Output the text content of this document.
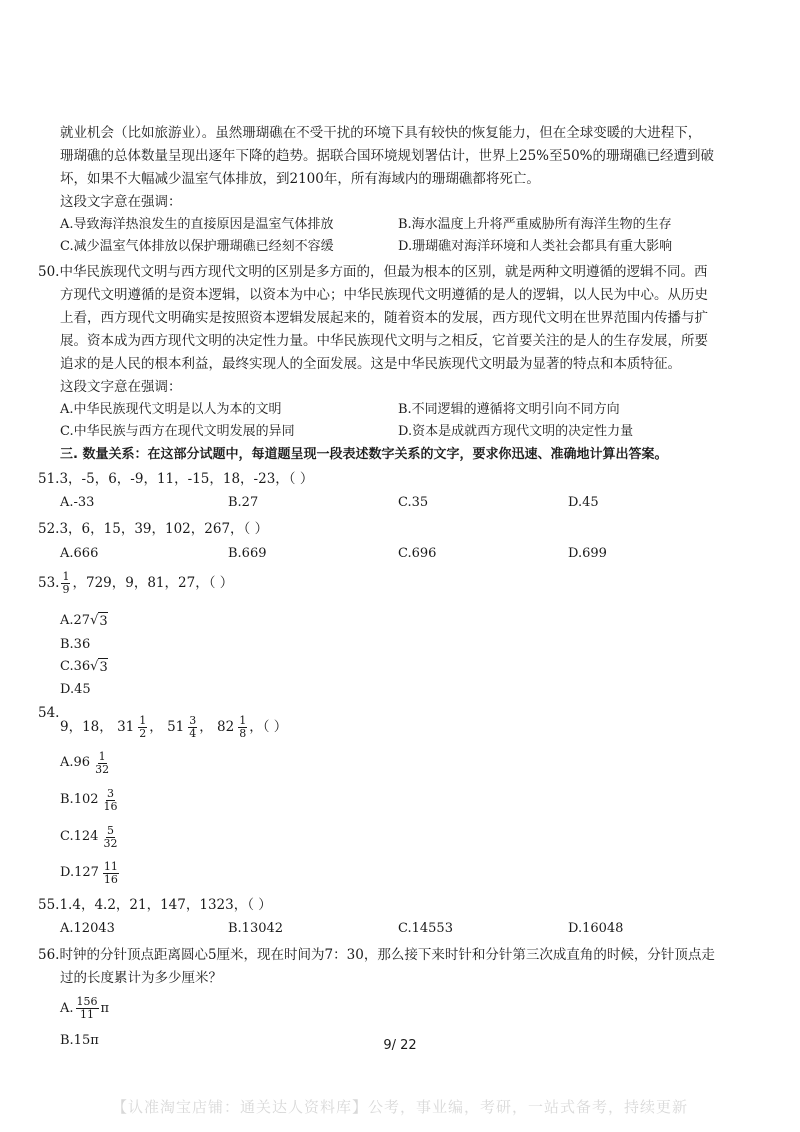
就业机会（比如旅游业）。虽然珊瑚礁在不受干扰的环境下具有较快的恢复能力，但在全球变暖的大进程下，
珊瑚礁的总体数量呈现出逐年下降的趋势。据联合国环境规划署估计，世界上25%至50%的珊瑚礁已经遭到破
坏，如果不大幅减少温室气体排放，到2100年，所有海域内的珊瑚礁都将死亡。
这段文字意在强调：
A.导致海洋热浪发生的直接原因是温室气体排放	B.海水温度上升将严重威胁所有海洋生物的生存
C.减少温室气体排放以保护珊瑚礁已经刻不容缓	D.珊瑚礁对海洋环境和人类社会都具有重大影响
50.中华民族现代文明与西方现代文明的区别是多方面的，但最为根本的区别，就是两种文明遵循的逻辑不同。西
方现代文明遵循的是资本逻辑，以资本为中心；中华民族现代文明遵循的是人的逻辑，以人民为中心。从历史
上看，西方现代文明确实是按照资本逻辑发展起来的，随着资本的发展，西方现代文明在世界范围内传播与扩
展。资本成为西方现代文明的决定性力量。中华民族现代文明与之相反，它首要关注的是人的生存发展，所要
追求的是人民的根本利益，最终实现人的全面发展。这是中华民族现代文明最为显著的特点和本质特征。
这段文字意在强调：
A.中华民族现代文明是以人为本的文明	B.不同逻辑的遵循将文明引向不同方向
C.中华民族与西方在现代文明发展的异同	D.资本是成就西方现代文明的决定性力量
三. 数量关系：在这部分试题中，每道题呈现一段表述数字关系的文字，要求你迅速、准确地计算出答案。
51.3，-5，6，-9，11，-15，18，-23，（ ）
A.-33	B.27	C.35	D.45
52.3，6，15，39，102，267，（ ）
A.666	B.669	C.696	D.699
53. $\frac{1}{9}$ ，729，9，81，27，（ ）
A.27√ 3
B.36
C.36√ 3
D.45
54.
9，18， $31 \frac{1}{2}$ ， $51 \frac{3}{4}$ ， $82 \frac{1}{8}$ ，（ ）
A. $96 \frac{1}{32}$
B. $102 \frac{3}{16}$
C. $124 \frac{5}{32}$
D. $127 \frac{11}{16}$
55.1.4，4.2，21，147，1323，（ ）
A.12043	B.13042	C.14553	D.16048
56.时钟的分针顶点距离圆心5厘米，现在时间为7：30，那么接下来时针和分针第三次成直角的时候，分针顶点走
过的长度累计为多少厘米？
A. $\frac{156}{11}$ π
B.15π	9/ 22
【认准淘宝店铺：通关达人资料库】公考，事业编，考研，一站式备考，持续更新
